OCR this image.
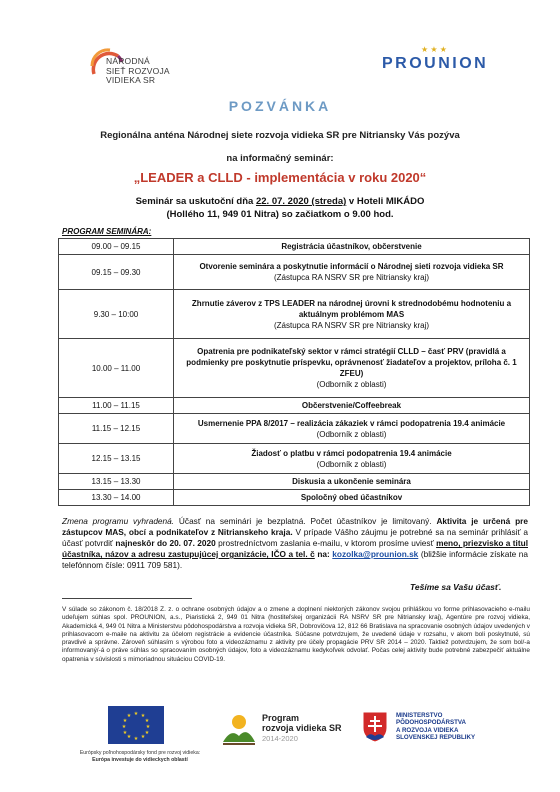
NÁRODNÁ
SIEŤ ROZVOJA
VIDIEKA SR
★ ★ ★
PROUNION
POZVÁNKA
Regionálna anténa Národnej siete rozvoja vidieka SR pre Nitriansky Vás pozýva
na informačný seminár:
„LEADER a CLLD - implementácia v roku 2020“
Seminár sa uskutoční dňa 22. 07. 2020 (streda) v Hoteli MIKÁDO
(Hollého 11, 949 01 Nitra) so začiatkom o 9.00 hod.
PROGRAM SEMINÁRA:
09.00 – 09.15	Registrácia účastníkov, občerstvenie

09.15 – 09.30	Otvorenie seminára a poskytnutie informácií o Národnej sieti rozvoja vidieka SR
(Zástupca RA NSRV SR pre Nitriansky kraj)

9.30 – 10:00	Zhrnutie záverov z TPS LEADER na národnej úrovni k strednodobému hodnoteniu a aktuálnym problémom MAS
(Zástupca RA NSRV SR pre Nitriansky kraj)

10.00 – 11.00	Opatrenia pre podnikateľský sektor v rámci stratégií CLLD – časť PRV (pravidlá a podmienky pre poskytnutie príspevku, oprávnenosť žiadateľov a projektov, príloha č. 1 ZFEU)
(Odborník z oblasti)

11.00 – 11.15	Občerstvenie/Coffeebreak

11.15 – 12.15	Usmernenie PPA 8/2017 – realizácia zákaziek v rámci podopatrenia 19.4 animácie
(Odborník z oblasti)

12.15 – 13.15	Žiadosť o platbu v rámci podopatrenia 19.4 animácie
(Odborník z oblasti)

13.15 – 13.30	Diskusia a ukončenie seminára

13.30 – 14.00	Spoločný obed účastníkov
Zmena programu vyhradená. Účasť na seminári je bezplatná. Počet účastníkov je limitovaný. Aktivita je určená pre zástupcov MAS, obcí a podnikateľov z Nitrianskeho kraja. V prípade Vášho záujmu je potrebné sa na seminár prihlásiť a účasť potvrdiť najneskôr do 20. 07. 2020 prostredníctvom zaslania e-mailu, v ktorom prosíme uviesť meno, priezvisko a titul účastníka, názov a adresu zastupujúcej organizácie, IČO a tel. č na: kozolka@prounion.sk (bližšie informácie získate na telefónnom čísle: 0911 709 581).
Tešíme sa Vašu účasť.
V súlade so zákonom č. 18/2018 Z. z. o ochrane osobných údajov a o zmene a doplnení niektorých zákonov svojou prihláškou vo forme prihlasovacieho e-mailu udeľujem súhlas spol. PROUNION, a.s., Piaristická 2, 949 01 Nitra (hostiteľskej organizácii RA NSRV SR pre Nitriansky kraj), Agentúre pre rozvoj vidieka, Akademická 4, 949 01 Nitra a Ministerstvu pôdohospodárstva a rozvoja vidieka SR, Dobrovičova 12, 812 66 Bratislava na spracovanie osobných údajov uvedených v prihlasovacom e-maile na aktivitu za účelom registrácie a evidencie účastníka. Súčasne potvrdzujem, že uvedené údaje v rozsahu, v akom boli poskytnuté, sú pravdivé a správne. Zároveň súhlasím s výrobou foto a videozáznamu z aktivity pre účely propagácie PRV SR 2014 – 2020. Taktiež potvrdzujem, že som bol/-a informovaný/-á o práve súhlas so spracovaním osobných údajov, foto a videozáznamu kedykoľvek odvolať. Počas celej aktivity bude potrebné zabezpečiť aktuálne opatrenia v súvislosti s mimoriadnou situáciou COVID-19.
★ ★
★
★
★
★
★
★
★
★
★
★
Európsky poľnohospodársky fond pre rozvoj vidieka:
Európa investuje do vidieckych oblastí
Program
rozvoja vidieka SR
2014-2020
MINISTERSTVO
PÔDOHOSPODÁRSTVA
A ROZVOJA VIDIEKA
SLOVENSKEJ REPUBLIKY
